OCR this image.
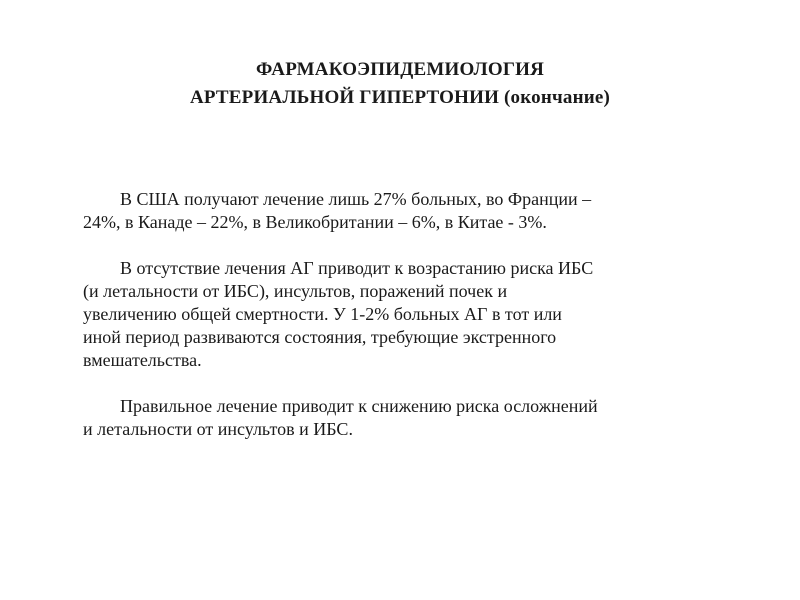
ФАРМАКОЭПИДЕМИОЛОГИЯ
АРТЕРИАЛЬНОЙ ГИПЕРТОНИИ (окончание)

В США получают лечение лишь 27% больных, во Франции –
24%, в Канаде – 22%, в Великобритании – 6%, в Китае - 3%.

В отсутствие лечения АГ приводит к возрастанию риска ИБС
(и летальности от ИБС), инсультов, поражений почек и
увеличению общей смертности. У 1-2% больных АГ в тот или
иной период развиваются состояния, требующие экстренного
вмешательства.

Правильное лечение приводит к снижению риска осложнений
и летальности от инсультов и ИБС.
